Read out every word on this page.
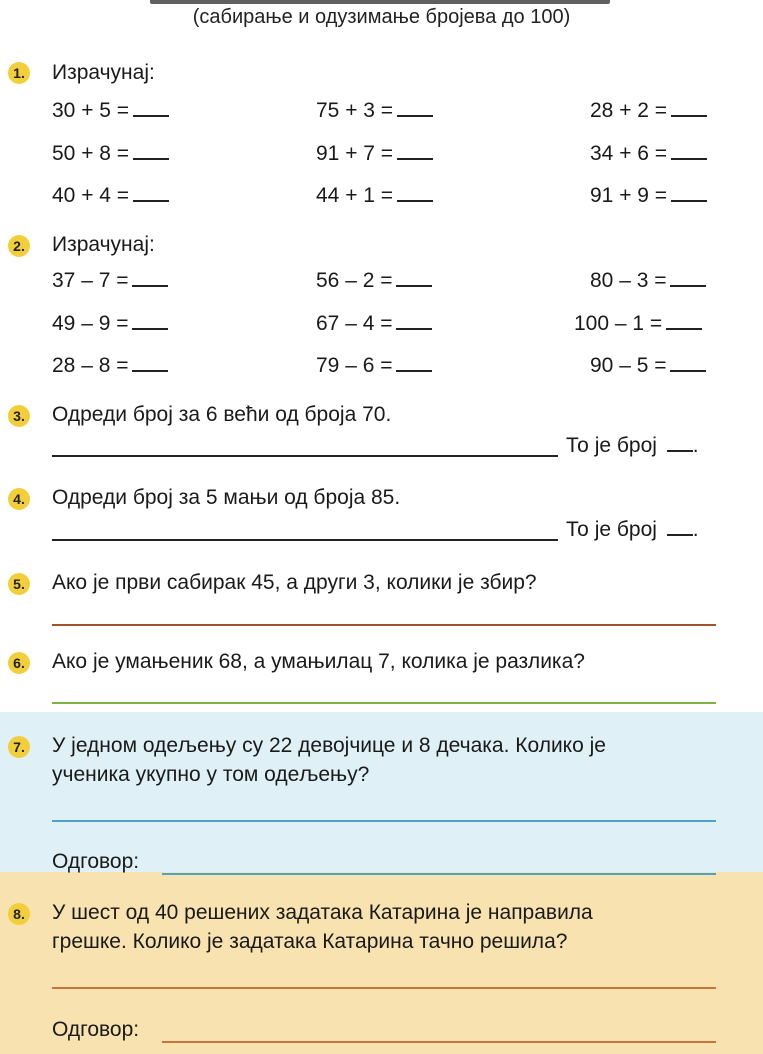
(сабирање и одузимање бројева до 100)
1. Израчунај:
30 + 5 =	75 + 3 =	28 + 2 =
50 + 8 =	91 + 7 =	34 + 6 =
40 + 4 =	44 + 1 =	91 + 9 =
2. Израчунај:
37 – 7 =	56 – 2 =	80 – 3 =
49 – 9 =	67 – 4 =	100 – 1 =
28 – 8 =	79 – 6 =	90 – 5 =
3. Одреди број за 6 већи од броја 70.
То је број .
4. Одреди број за 5 мањи од броја 85.
То је број .
5. Ако је први сабирак 45, а други 3, колики је збир?
6. Ако је умањеник 68, а умањилац 7, колика је разлика?
7. У једном одељењу су 22 девојчице и 8 дечака. Колико је
ученика укупно у том одељењу?
Одговор:
8. У шест од 40 решених задатака Катарина је направила
грешке. Колико је задатака Катарина тачно решила?
Одговор:
